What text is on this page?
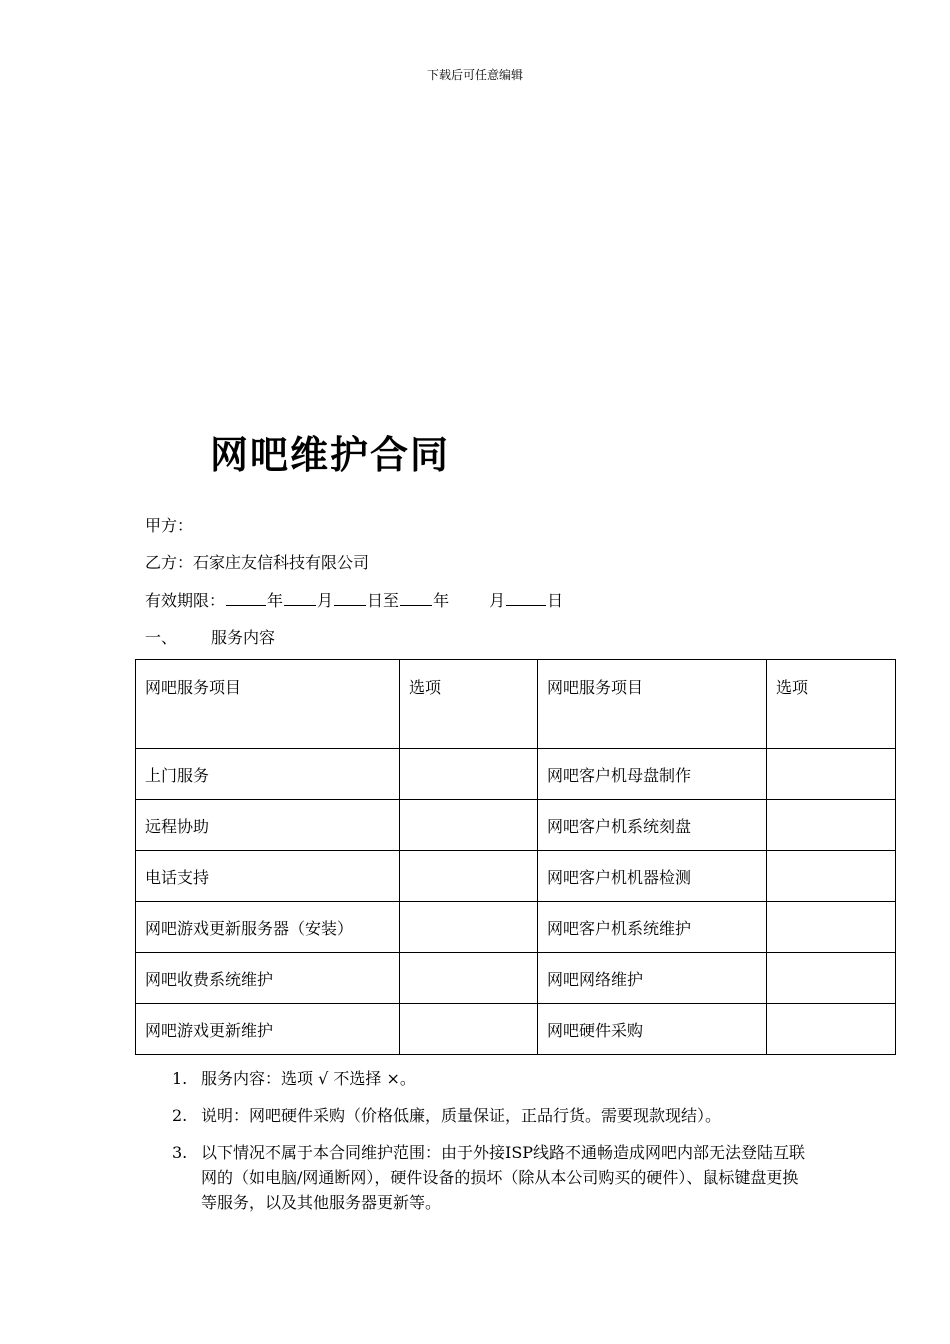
下载后可任意编辑
网吧维护合同
甲方：
乙方：石家庄友信科技有限公司
有效期限：	年 月 日至 年	月	日
一、 服务内容
网吧服务项目	选项	网吧服务项目	选项
上门服务		网吧客户机母盘制作	
远程协助		网吧客户机系统刻盘	
电话支持		网吧客户机机器检测	
网吧游戏更新服务器（安装）		网吧客户机系统维护	
网吧收费系统维护		网吧网络维护	
网吧游戏更新维护		网吧硬件采购	
1. 服务内容：选项 √ 不选择 ×。
2. 说明：网吧硬件采购（价格低廉，质量保证，正品行货。需要现款现结）。
3. 以下情况不属于本合同维护范围：由于外接ISP线路不通畅造成网吧内部无法登陆互联网的（如电脑/网通断网），硬件设备的损坏（除从本公司购买的硬件）、鼠标键盘更换等服务，以及其他服务器更新等。
